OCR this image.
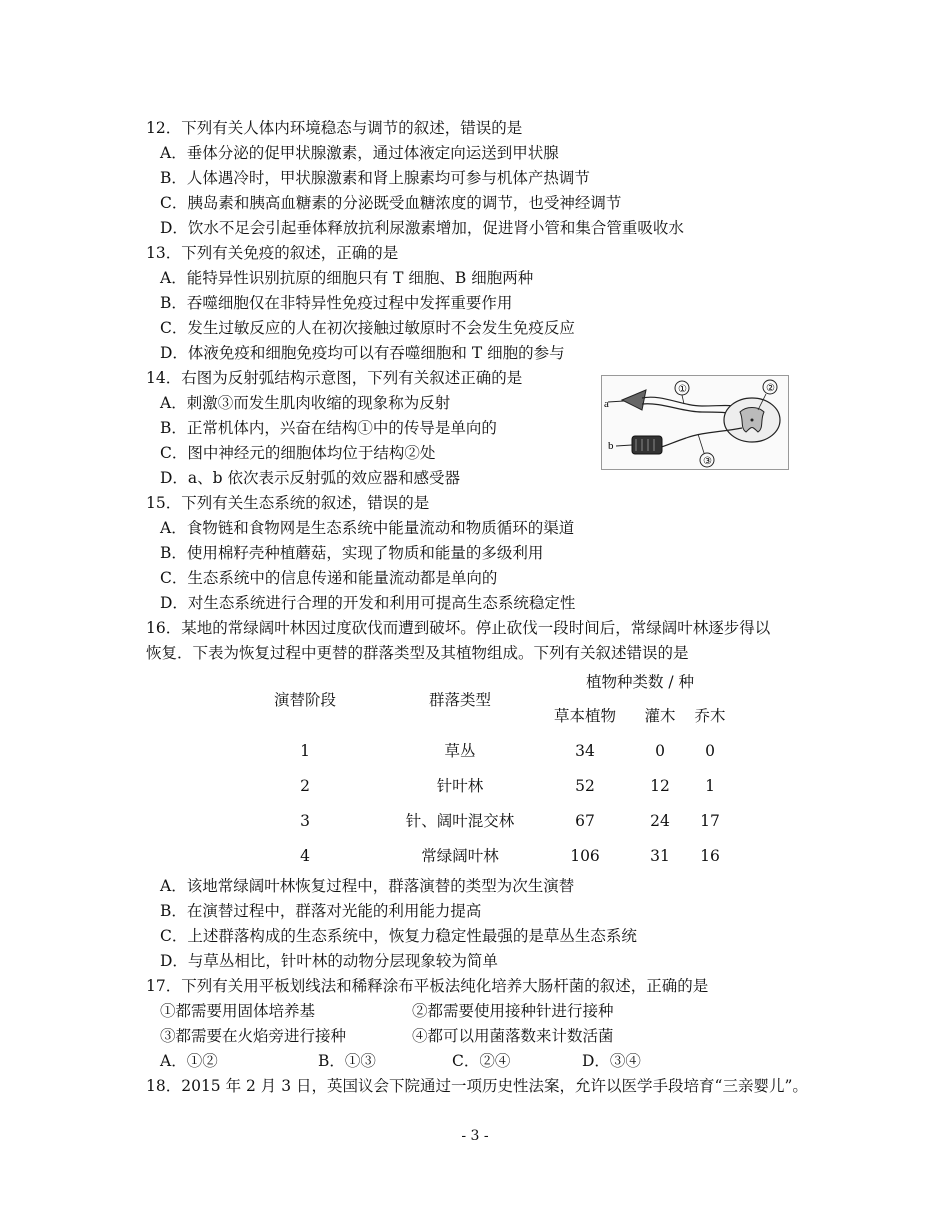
12．下列有关人体内环境稳态与调节的叙述，错误的是
A．垂体分泌的促甲状腺激素，通过体液定向运送到甲状腺
B．人体遇冷时，甲状腺激素和肾上腺素均可参与机体产热调节
C．胰岛素和胰高血糖素的分泌既受血糖浓度的调节，也受神经调节
D．饮水不足会引起垂体释放抗利尿激素增加，促进肾小管和集合管重吸收水
13．下列有关免疫的叙述，正确的是
A．能特异性识别抗原的细胞只有 T 细胞、B 细胞两种
B．吞噬细胞仅在非特异性免疫过程中发挥重要作用
C．发生过敏反应的人在初次接触过敏原时不会发生免疫反应
D．体液免疫和细胞免疫均可以有吞噬细胞和 T 细胞的参与
14．右图为反射弧结构示意图，下列有关叙述正确的是
A．刺激③而发生肌肉收缩的现象称为反射
B．正常机体内，兴奋在结构①中的传导是单向的
C．图中神经元的细胞体均位于结构②处
D．a、b 依次表示反射弧的效应器和感受器
a
①	②
b
③
15．下列有关生态系统的叙述，错误的是
A．食物链和食物网是生态系统中能量流动和物质循环的渠道
B．使用棉籽壳种植蘑菇，实现了物质和能量的多级利用
C．生态系统中的信息传递和能量流动都是单向的
D．对生态系统进行合理的开发和利用可提高生态系统稳定性
16．某地的常绿阔叶林因过度砍伐而遭到破坏。停止砍伐一段时间后，常绿阔叶林逐步得以
恢复．下表为恢复过程中更替的群落类型及其植物组成。下列有关叙述错误的是
演替阶段	群落类型
植物种类数 / 种
草本植物	灌木	乔木
1	草丛	34	0	0
2	针叶林	52	12	1
3	针、阔叶混交林	67	24	17
4	常绿阔叶林	106	31	16
A．该地常绿阔叶林恢复过程中，群落演替的类型为次生演替
B．在演替过程中，群落对光能的利用能力提高
C．上述群落构成的生态系统中，恢复力稳定性最强的是草丛生态系统
D．与草丛相比，针叶林的动物分层现象较为简单
17．下列有关用平板划线法和稀释涂布平板法纯化培养大肠杆菌的叙述，正确的是
①都需要用固体培养基	②都需要使用接种针进行接种
③都需要在火焰旁进行接种	④都可以用菌落数来计数活菌
A．①②	B．①③	C．②④	D．③④
18．2015 年 2 月 3 日，英国议会下院通过一项历史性法案，允许以医学手段培育“三亲婴儿”。
- 3 -
